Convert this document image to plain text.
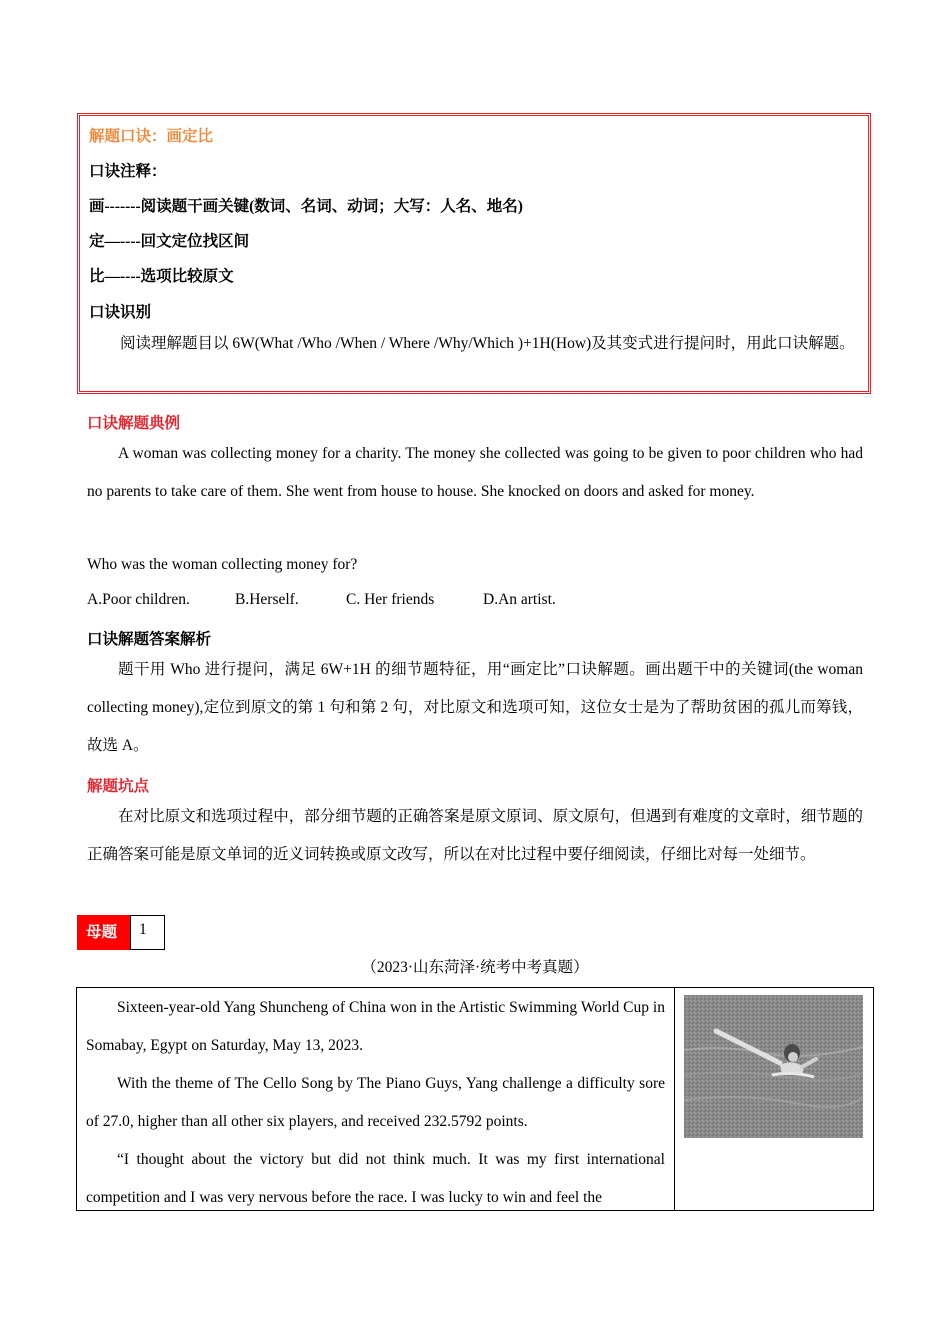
解题口诀：画定比
口诀注释：
画-------阅读题干画关键(数词、名词、动词；大写：人名、地名)
定—----回文定位找区间
比—----选项比较原文
口诀识别
阅读理解题目以 6W(What /Who /When / Where /Why/Which )+1H(How)及其变式进行提问时，用此口诀解题。
口诀解题典例
A woman was collecting money for a charity. The money she collected was going to be given to poor children who had no parents to take care of them. She went from house to house. She knocked on doors and asked for money.
Who was the woman collecting money for?
A.Poor children.	B.Herself.	C. Her friends	D.An artist.
口诀解题答案解析
题干用 Who 进行提问，满足 6W+1H 的细节题特征，用“画定比”口诀解题。画出题干中的关键词(the woman collecting money),定位到原文的第 1 句和第 2 句，对比原文和选项可知，这位女士是为了帮助贫困的孤儿而筹钱，故选 A。
解题坑点
在对比原文和选项过程中，部分细节题的正确答案是原文原词、原文原句，但遇到有难度的文章时，细节题的正确答案可能是原文单词的近义词转换或原文改写，所以在对比过程中要仔细阅读，仔细比对每一处细节。
母题	1
（2023·山东菏泽·统考中考真题）

Sixteen-year-old Yang Shuncheng of China won in the Artistic Swimming World Cup in Somabay, Egypt on Saturday, May 13, 2023.

With the theme of The Cello Song by The Piano Guys, Yang challenge a difficulty sore of 27.0, higher than all other six players, and received 232.5792 points.

“I thought about the victory but did not think much. It was my first international competition and I was very nervous before the race. I was lucky to win and feel the
